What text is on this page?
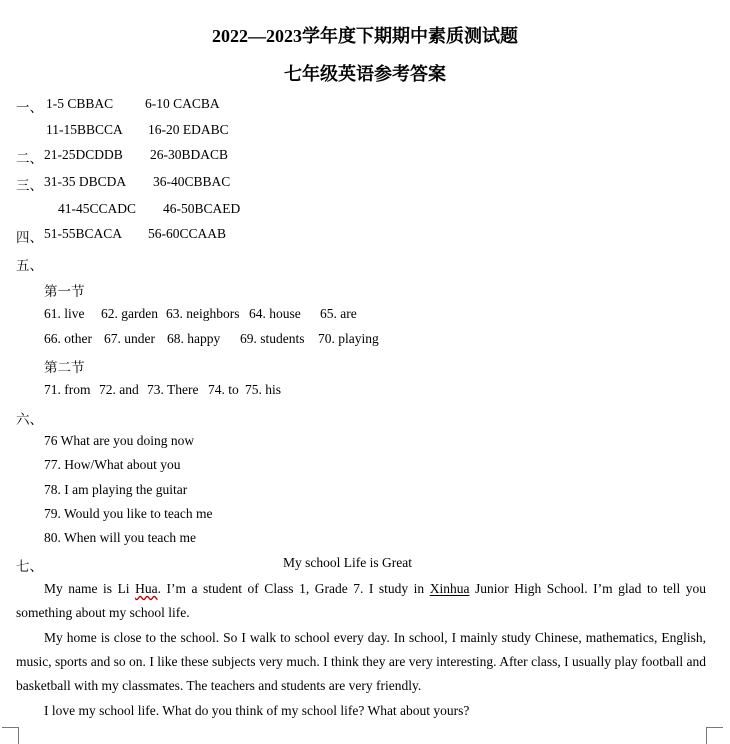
2022—2023学年度下期期中素质测试题
七年级英语参考答案
一、 1-5 CBBAC 6-10 CACBA
11-15BBCCA 16-20 EDABC
二、 21-25DCDDB 26-30BDACB
三、 31-35 DBCDA 36-40CBBAC
41-45CCADC 46-50BCAED
四、 51-55BCACA 56-60CCAAB
五、
第一节
61. live 62. garden 63. neighbors 64. house 65. are
66. other 67. under 68. happy 69. students 70. playing
第二节
71. from 72. and 73. There 74. to 75. his
六、
76 What are you doing now
77. How/What about you
78. I am playing the guitar
79. Would you like to teach me
80. When will you teach me
七、	My school Life is Great
My name is Li Hua. I’m a student of Class 1, Grade 7. I study in Xinhua Junior High School. I’m glad to tell you something about my school life.
My home is close to the school. So I walk to school every day. In school, I mainly study Chinese, mathematics, English, music, sports and so on. I like these subjects very much. I think they are very interesting. After class, I usually play football and basketball with my classmates. The teachers and students are very friendly.
I love my school life. What do you think of my school life? What about yours?
